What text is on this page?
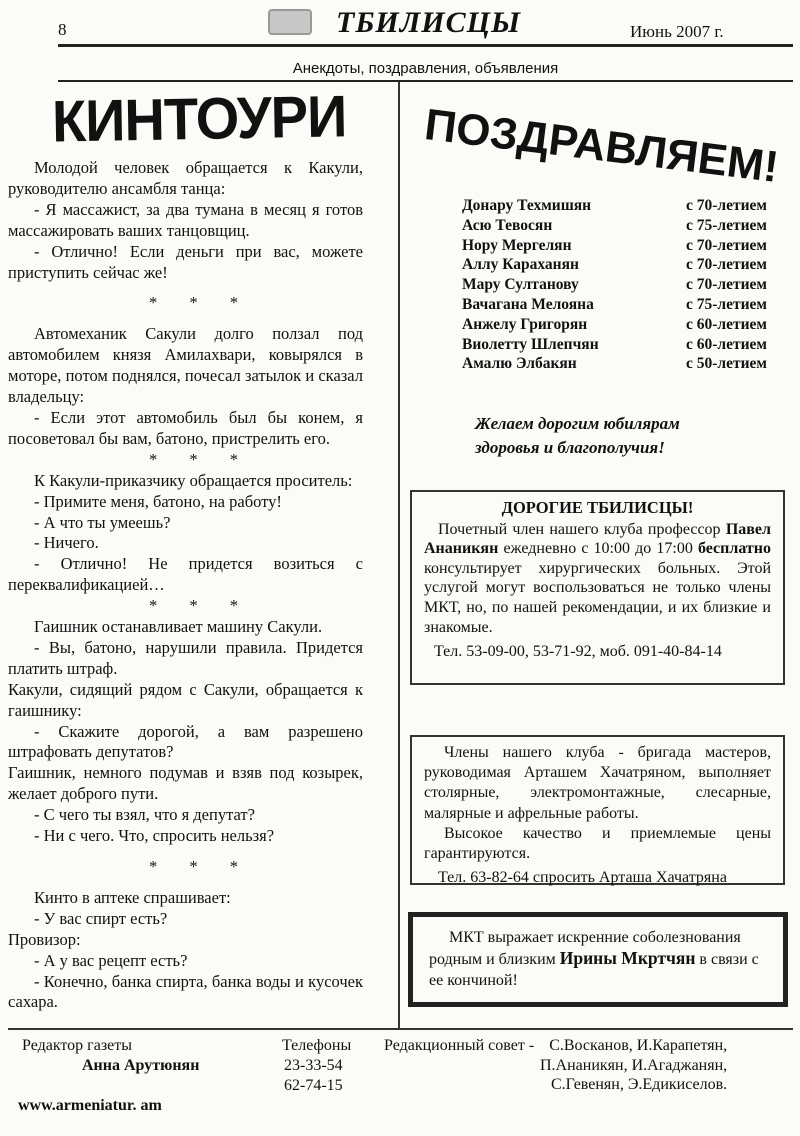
8	ТБИЛИСЦЫ	Июнь 2007 г.
Анекдоты, поздравления, объявления
КИНТОУРИ

Молодой человек обращается к Какули, руководителю ансамбля танца:

- Я массажист, за два тумана в месяц я готов массажировать ваших танцовщиц.

- Отлично! Если деньги при вас, можете приступить сейчас же!

* * *

Автомеханик Сакули долго ползал под автомобилем князя Амилахвари, ковырялся в моторе, потом поднялся, почесал затылок и сказал владельцу:

- Если этот автомобиль был бы конем, я посоветовал бы вам, батоно, пристрелить его.

* * *

К Какули-приказчику обращается проситель:

- Примите меня, батоно, на работу!

- А что ты умеешь?

- Ничего.

- Отлично! Не придется возиться с переквалификацией…

* * *

Гаишник останавливает машину Сакули.

- Вы, батоно, нарушили правила. Придется платить штраф.

Какули, сидящий рядом с Сакули, обращается к гаишнику:

- Скажите дорогой, а вам разрешено штрафовать депутатов?

Гаишник, немного подумав и взяв под козырек, желает доброго пути.

- С чего ты взял, что я депутат?

- Ни с чего. Что, спросить нельзя?

* * *

Кинто в аптеке спрашивает:

- У вас спирт есть?

Провизор:

- А у вас рецепт есть?

- Конечно, банка спирта, банка воды и кусочек сахара.

ПОЗДРАВЛЯЕМ!
Донару Техмишян	с 70-летием
Асю Тевосян	с 75-летием
Нору Мергелян	с 70-летием
Аллу Караханян	с 70-летием
Мару Султанову	с 70-летием
Вачагана Мелояна	с 75-летием
Анжелу Григорян	с 60-летием
Виолетту Шлепчян	с 60-летием
Амалю Элбакян	с 50-летием
Желаем дорогим юбилярам
здоровья и благополучия!
ДОРОГИЕ ТБИЛИСЦЫ!

Почетный член нашего клуба профессор Павел Ананикян ежедневно с 10:00 до 17:00 бесплатно консультирует хирургических больных. Этой услугой могут воспользоваться не только члены МКТ, но, по нашей рекомендации, и их близкие и знакомые.

Тел. 53-09-00, 53-71-92, моб. 091-40-84-14

Члены нашего клуба - бригада мастеров, руководимая Арташем Хачатряном, выполняет столярные, электромонтажные, слесарные, малярные и афрельные работы.

Высокое качество и приемлемые цены гарантируются.

Тел. 63-82-64 спросить Арташа Хачатряна

МКТ выражает искренние соболезнования родным и близким Ирины Мкртчян в связи с ее кончиной!

Редактор газеты
Анна Арутюнян
Телефоны
23-33-54
62-74-15
Редакционный совет - С.Восканов, И.Карапетян,
П.Ананикян, И.Агаджанян,
С.Гевенян, Э.Едикиселов.
www.armeniatur. am
